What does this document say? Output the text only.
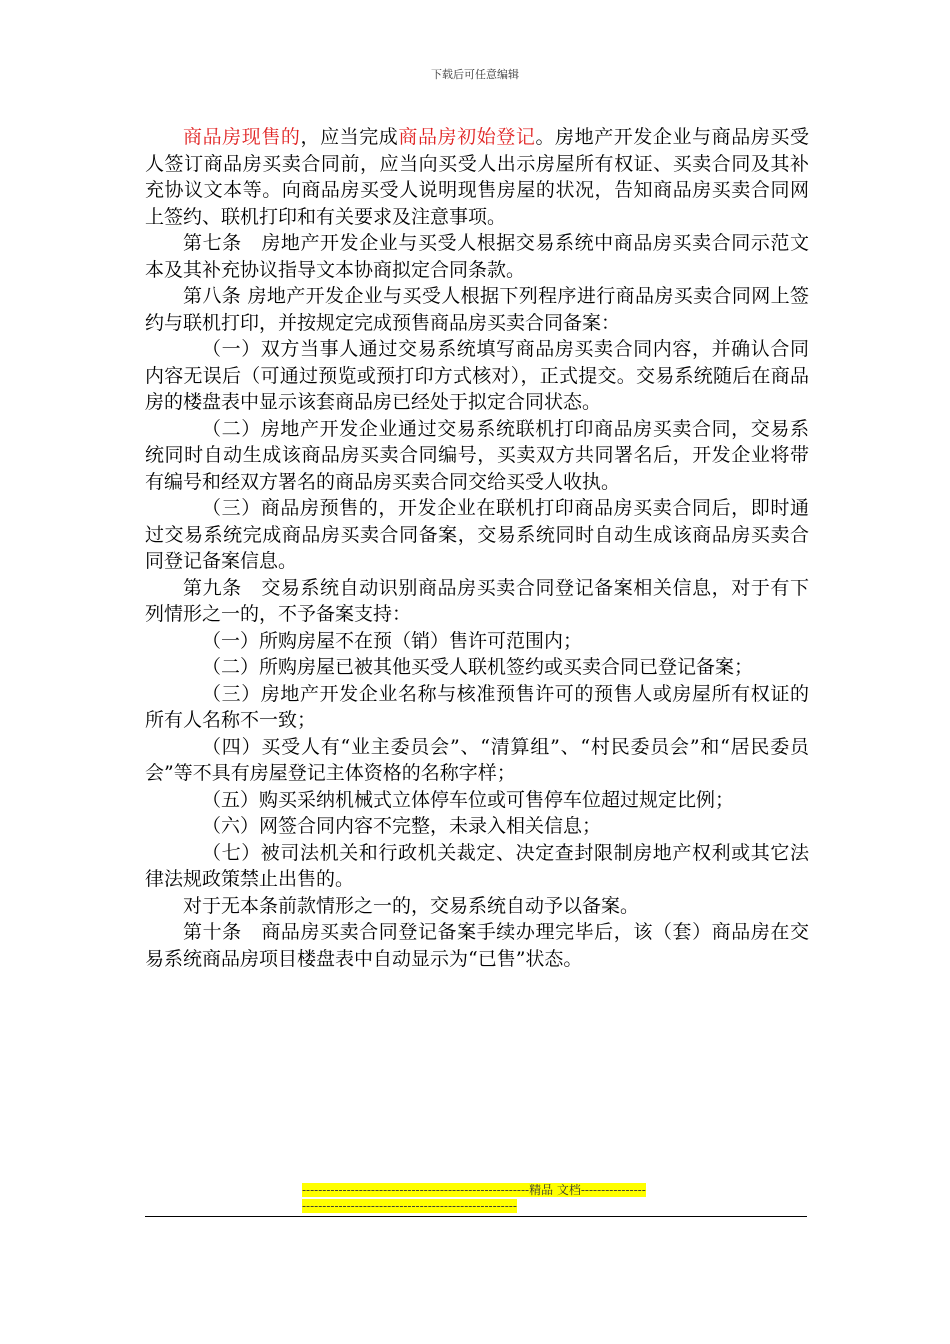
下载后可任意编辑

商品房现售的，应当完成商品房初始登记。房地产开发企业与商品房买受人签订商品房买卖合同前，应当向买受人出示房屋所有权证、买卖合同及其补充协议文本等。向商品房买受人说明现售房屋的状况，告知商品房买卖合同网上签约、联机打印和有关要求及注意事项。

第七条　房地产开发企业与买受人根据交易系统中商品房买卖合同示范文本及其补充协议指导文本协商拟定合同条款。

第八条 房地产开发企业与买受人根据下列程序进行商品房买卖合同网上签约与联机打印，并按规定完成预售商品房买卖合同备案：

（一）双方当事人通过交易系统填写商品房买卖合同内容，并确认合同内容无误后（可通过预览或预打印方式核对），正式提交。交易系统随后在商品房的楼盘表中显示该套商品房已经处于拟定合同状态。

（二）房地产开发企业通过交易系统联机打印商品房买卖合同，交易系统同时自动生成该商品房买卖合同编号，买卖双方共同署名后，开发企业将带有编号和经双方署名的商品房买卖合同交给买受人收执。

（三）商品房预售的，开发企业在联机打印商品房买卖合同后，即时通过交易系统完成商品房买卖合同备案，交易系统同时自动生成该商品房买卖合同登记备案信息。

第九条　交易系统自动识别商品房买卖合同登记备案相关信息，对于有下列情形之一的，不予备案支持：

（一）所购房屋不在预（销）售许可范围内；

（二）所购房屋已被其他买受人联机签约或买卖合同已登记备案；

（三）房地产开发企业名称与核准预售许可的预售人或房屋所有权证的所有人名称不一致；

（四）买受人有“业主委员会”、“清算组”、“村民委员会”和“居民委员会”等不具有房屋登记主体资格的名称字样；

（五）购买采纳机械式立体停车位或可售停车位超过规定比例；

（六）网签合同内容不完整，未录入相关信息；

（七）被司法机关和行政机关裁定、决定查封限制房地产权利或其它法律法规政策禁止出售的。

对于无本条前款情形之一的，交易系统自动予以备案。

第十条　商品房买卖合同登记备案手续办理完毕后，该（套）商品房在交易系统商品房项目楼盘表中自动显示为“已售”状态。

--------------------------------------------------------精品 文档---------------------------------------------------------------------
